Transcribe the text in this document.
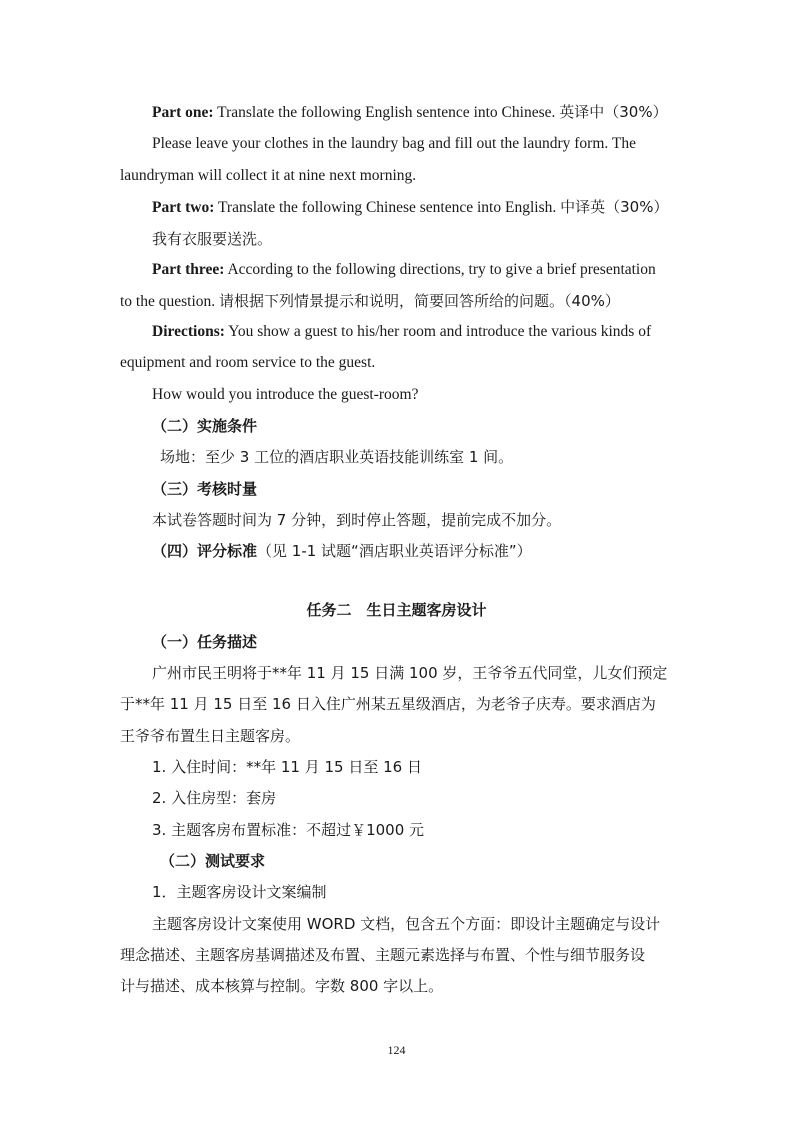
Part one: Translate the following English sentence into Chinese. 英译中（30%）
Please leave your clothes in the laundry bag and fill out the laundry form. The
laundryman will collect it at nine next morning.
Part two: Translate the following Chinese sentence into English. 中译英（30%）
我有衣服要送洗。
Part three: According to the following directions, try to give a brief presentation
to the question. 请根据下列情景提示和说明，简要回答所给的问题。（40%）
Directions: You show a guest to his/her room and introduce the various kinds of
equipment and room service to the guest.
How would you introduce the guest-room?
（二）实施条件
场地：至少 3 工位的酒店职业英语技能训练室 1 间。
（三）考核时量
本试卷答题时间为 7 分钟，到时停止答题，提前完成不加分。
（四）评分标准（见 1-1 试题“酒店职业英语评分标准”）
任务二　生日主题客房设计
（一）任务描述
广州市民王明将于**年 11 月 15 日满 100 岁，王爷爷五代同堂，儿女们预定
于**年 11 月 15 日至 16 日入住广州某五星级酒店，为老爷子庆寿。要求酒店为
王爷爷布置生日主题客房。
1. 入住时间：**年 11 月 15 日至 16 日
2. 入住房型：套房
3. 主题客房布置标准：不超过￥1000 元
（二）测试要求
1．主题客房设计文案编制
主题客房设计文案使用 WORD 文档，包含五个方面：即设计主题确定与设计
理念描述、主题客房基调描述及布置、主题元素选择与布置、个性与细节服务设
计与描述、成本核算与控制。字数 800 字以上。
124
